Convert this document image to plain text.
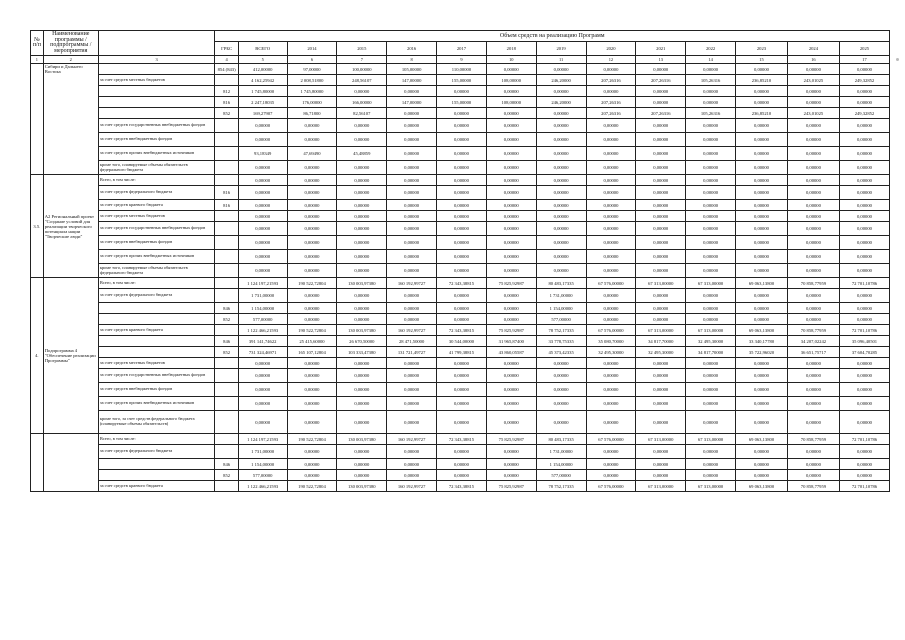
№ п/п	Наименование программы / подпрограммы / мероприятия		Объем средств на реализацию Программ													
			ГРБС	ВСЕГО	2014	2015	2016	2017	2018	2019	2020	2021	2022	2023	2024	2025
1	2	3	4	5	6	7	8	9	10	11	12	13	14	15	16	17
	Сибири и Дальнего Востока		854 (843)	412,00000	97,00000	100,00000	105,00000	110,00000	0,00000	0,00000	0,00000	0,00000	0,00000	0,00000	0,00000	0,00000
		за счет средств местных бюджетов		4 162,25942	2 008,51800	248,56107	147,00000	155,00000	108,00000	246,20000	207,26316	207,26316	105,26316	236,85210	243,01025	249,32852
			812	1 745,80000	1 745,80000	0,00000	0,00000	0,00000	0,00000	0,00000	0,00000	0,00000	0,00000	0,00000	0,00000	0,00000
			816	2 247,18035	176,00000	166,00000	147,00000	155,00000	108,00000	246,20000	207,26316	0,00000	0,00000	0,00000	0,00000	0,00000
			852	169,27907	86,71800	82,56107	0,00000	0,00000	0,00000	0,00000	207,26316	207,26316	105,26316	236,85210	243,01025	249,32852
		за счет средств государственных внебюджетных фондов		0,00000	0,00000	0,00000	0,00000	0,00000	0,00000	0,00000	0,00000	0,00000	0,00000	0,00000	0,00000	0,00000
		за счет средств внебюджетных фондов		0,00000	0,00000	0,00000	0,00000	0,00000	0,00000	0,00000	0,00000	0,00000	0,00000	0,00000	0,00000	0,00000
		за счет средств прочих внебюджетных источников		93,18349	47,69490	45,48859	0,00000	0,00000	0,00000	0,00000	0,00000	0,00000	0,00000	0,00000	0,00000	0,00000
		кроме того, планируемые объемы обязательств федерального бюджета		0,00000	0,00000	0,00000	0,00000	0,00000	0,00000	0,00000	0,00000	0,00000	0,00000	0,00000	0,00000	0,00000
3.5.	А2 Региональный проект "Создание условий для реализации творческого потенциала нации "Творческие люди"	Всего, в том числе:		0,00000	0,00000	0,00000	0,00000	0,00000	0,00000	0,00000	0,00000	0,00000	0,00000	0,00000	0,00000	0,00000
		за счет средств федерального бюджета	816	0,00000	0,00000	0,00000	0,00000	0,00000	0,00000	0,00000	0,00000	0,00000	0,00000	0,00000	0,00000	0,00000
		за счет средств краевого бюджета	816	0,00000	0,00000	0,00000	0,00000	0,00000	0,00000	0,00000	0,00000	0,00000	0,00000	0,00000	0,00000	0,00000
		за счет средств местных бюджетов		0,00000	0,00000	0,00000	0,00000	0,00000	0,00000	0,00000	0,00000	0,00000	0,00000	0,00000	0,00000	0,00000
		за счет средств государственных внебюджетных фондов		0,00000	0,00000	0,00000	0,00000	0,00000	0,00000	0,00000	0,00000	0,00000	0,00000	0,00000	0,00000	0,00000
		за счет средств внебюджетных фондов		0,00000	0,00000	0,00000	0,00000	0,00000	0,00000	0,00000	0,00000	0,00000	0,00000	0,00000	0,00000	0,00000
		за счет средств прочих внебюджетных источников		0,00000	0,00000	0,00000	0,00000	0,00000	0,00000	0,00000	0,00000	0,00000	0,00000	0,00000	0,00000	0,00000
		кроме того, планируемые объемы обязательств федерального бюджета		0,00000	0,00000	0,00000	0,00000	0,00000	0,00000	0,00000	0,00000	0,00000	0,00000	0,00000	0,00000	0,00000
4.	Подпрограмма 4 "Обеспечение реализации Программы"	Всего, в том числе:		1 124 197,21593	190 522,72804	130 003,97380	160 192,99727	72 343,38815	75 825,92987	80 483,17335	67 576,00000	67 313,00000	67 313,00000	69 063,13800	70 858,77959	72 701,10786
		за счет средств федерального бюджета		1 731,00000	0,00000	0,00000	0,00000	0,00000	0,00000	1 731,00000	0,00000	0,00000	0,00000	0,00000	0,00000	0,00000
			846	1 154,00000	0,00000	0,00000	0,00000	0,00000	0,00000	1 154,00000	0,00000	0,00000	0,00000	0,00000	0,00000	0,00000
			852	577,00000	0,00000	0,00000	0,00000	0,00000	0,00000	577,00000	0,00000	0,00000	0,00000	0,00000	0,00000	0,00000
		за счет средств краевого бюджета		1 122 466,21593	190 522,72804	130 003,97380	160 192,99727	72 343,38815	75 825,92987	78 752,17335	67 576,00000	67 313,00000	67 313,00000	69 063,13800	70 858,77959	72 701,10786
			846	391 141,74622	25 415,60000	26 670,50000	28 471,50000	30 544,00000	31 965,87400	33 778,75335	35 080,70000	34 817,70000	32 495,30000	33 340,17780	34 207,02242	35 096,40501
			852	731 324,46971	165 107,12804	103 333,47380	131 721,49727	41 799,38815	43 860,05587	45 373,42335	32 495,30000	32 495,30000	34 817,70000	35 722,96020	36 651,75717	37 604,70285
		за счет средств местных бюджетов		0,00000	0,00000	0,00000	0,00000	0,00000	0,00000	0,00000	0,00000	0,00000	0,00000	0,00000	0,00000	0,00000
		за счет средств государственных внебюджетных фондов		0,00000	0,00000	0,00000	0,00000	0,00000	0,00000	0,00000	0,00000	0,00000	0,00000	0,00000	0,00000	0,00000
		за счет средств внебюджетных фондов		0,00000	0,00000	0,00000	0,00000	0,00000	0,00000	0,00000	0,00000	0,00000	0,00000	0,00000	0,00000	0,00000
		за счет средств прочих внебюджетных источников		0,00000	0,00000	0,00000	0,00000	0,00000	0,00000	0,00000	0,00000	0,00000	0,00000	0,00000	0,00000	0,00000
		кроме того, за счет средств федерального бюджета (планируемые объемы обязательств)		0,00000	0,00000	0,00000	0,00000	0,00000	0,00000	0,00000	0,00000	0,00000	0,00000	0,00000	0,00000	0,00000
		Всего, в том числе:		1 124 197,21593	190 522,72804	130 003,97380	160 192,99727	72 343,38815	75 825,92987	80 483,17335	67 576,00000	67 313,00000	67 313,00000	69 063,13800	70 858,77959	72 701,10786
		за счет средств федерального бюджета		1 731,00000	0,00000	0,00000	0,00000	0,00000	0,00000	1 731,00000	0,00000	0,00000	0,00000	0,00000	0,00000	0,00000
			846	1 154,00000	0,00000	0,00000	0,00000	0,00000	0,00000	1 154,00000	0,00000	0,00000	0,00000	0,00000	0,00000	0,00000
			852	577,00000	0,00000	0,00000	0,00000	0,00000	0,00000	577,00000	0,00000	0,00000	0,00000	0,00000	0,00000	0,00000
		за счет средств краевого бюджета		1 122 466,21593	190 522,72804	130 003,97380	160 192,99727	72 343,38815	75 825,92987	78 752,17335	67 576,00000	67 313,00000	67 313,00000	69 063,13800	70 858,77959	72 701,10786
